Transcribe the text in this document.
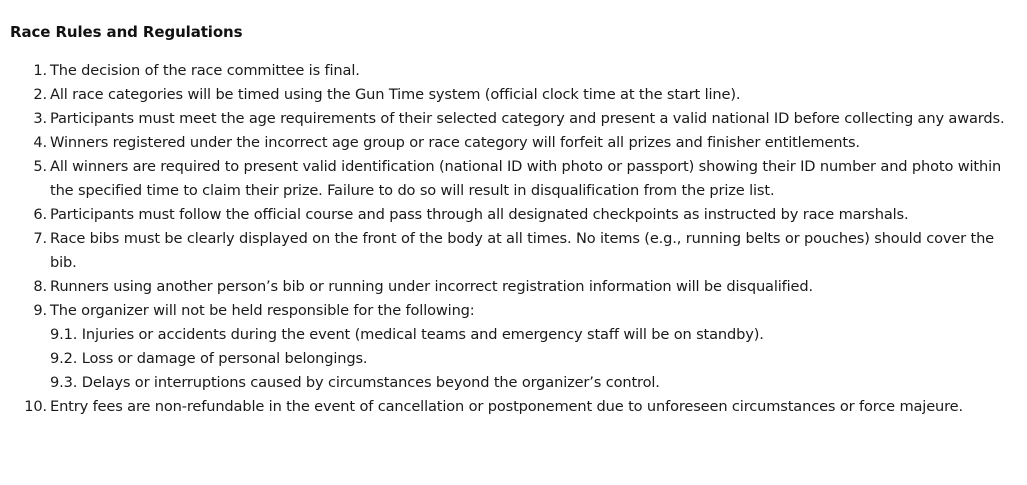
Race Rules and Regulations
1. The decision of the race committee is final.
2. All race categories will be timed using the Gun Time system (official clock time at the start line).
3. Participants must meet the age requirements of their selected category and present a valid national ID before collecting any awards.
4. Winners registered under the incorrect age group or race category will forfeit all prizes and finisher entitlements.
5. All winners are required to present valid identification (national ID with photo or passport) showing their ID number and photo within the specified time to claim their prize. Failure to do so will result in disqualification from the prize list.
6. Participants must follow the official course and pass through all designated checkpoints as instructed by race marshals.
7. Race bibs must be clearly displayed on the front of the body at all times. No items (e.g., running belts or pouches) should cover the bib.
8. Runners using another person’s bib or running under incorrect registration information will be disqualified.
9. The organizer will not be held responsible for the following:
9.1. Injuries or accidents during the event (medical teams and emergency staff will be on standby).
9.2. Loss or damage of personal belongings.
9.3. Delays or interruptions caused by circumstances beyond the organizer’s control.
10. Entry fees are non-refundable in the event of cancellation or postponement due to unforeseen circumstances or force majeure.
